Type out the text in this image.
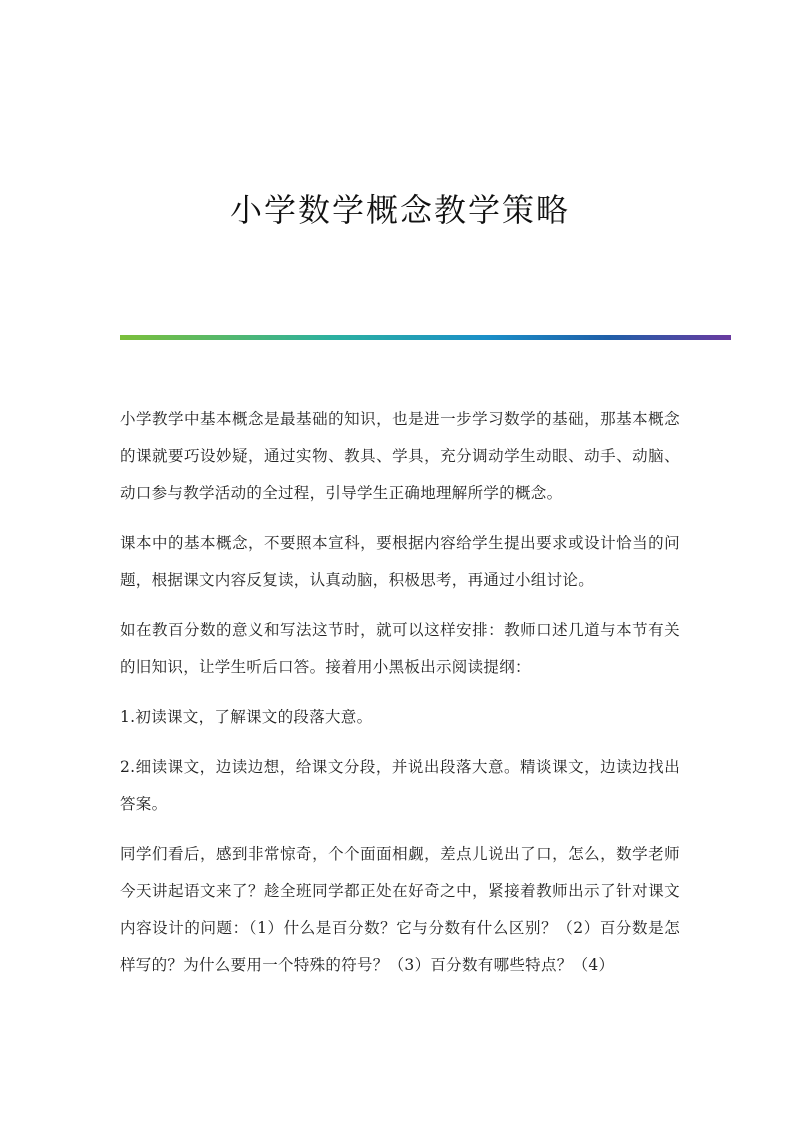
小学数学概念教学策略

小学教学中基本概念是最基础的知识，也是进一步学习数学的基础，那基本概念的课就要巧设妙疑，通过实物、教具、学具，充分调动学生动眼、动手、动脑、动口参与教学活动的全过程，引导学生正确地理解所学的概念。

课本中的基本概念，不要照本宣科，要根据内容给学生提出要求或设计恰当的问题，根据课文内容反复读，认真动脑，积极思考，再通过小组讨论。

如在教百分数的意义和写法这节时，就可以这样安排：教师口述几道与本节有关的旧知识，让学生听后口答。接着用小黑板出示阅读提纲：

1.初读课文，了解课文的段落大意。

2.细读课文，边读边想，给课文分段，并说出段落大意。精谈课文，边读边找出答案。

同学们看后，感到非常惊奇，个个面面相觑，差点儿说出了口，怎么，数学老师今天讲起语文来了？趁全班同学都正处在好奇之中，紧接着教师出示了针对课文内容设计的问题：（1）什么是百分数？它与分数有什么区别？（2）百分数是怎样写的？为什么要用一个特殊的符号？（3）百分数有哪些特点？（4）
